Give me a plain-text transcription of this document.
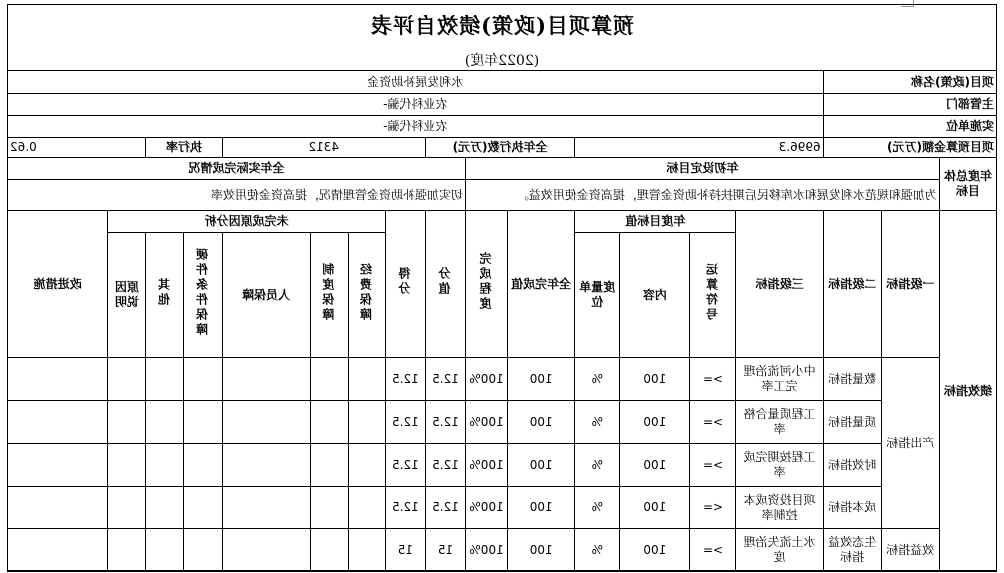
预算项目(政策)绩效自评表
(2022年度)
项目(政策)名称			水利发展补助资金														
主管部门			农业科代骗-														
实施单位			农业科代骗-														
项目预算金额(万元)			6996.3				全年执行数(万元)			4312				执行率		0.62	
年度总体目标	年初设定目标								全年实际完成情况								
	为加强和规范水利发展和水库移民后期扶持补助资金管理，提高资金使用效益。								切实加强补助资金管理情况，提高资金使用效率								
绩效指标	一级指标	二级指标	三级指标	年度目标值			全年完成值	完成程度	分值	得分	未完成原因分析						改进措施
				运算符号	内容	度量单位					经费保障	制度保障	人员保障	硬件条件保障	其他	原因说明	
	产出指标	数量指标	中小河流治理完工率	>=	100	%	100	100%	12.5	12.5							
		质量指标	工程质量合格率	>=	100	%	100	100%	12.5	12.5							
		时效指标	工程按期完成率	>=	100	%	100	100%	12.5	12.5							
		成本指标	项目投资成本控制率	<=	100	%	100	100%	12.5	12.5							
	效益指标	生态效益指标	水土流失治理度	>=	100	%	100	100%	15	15							
